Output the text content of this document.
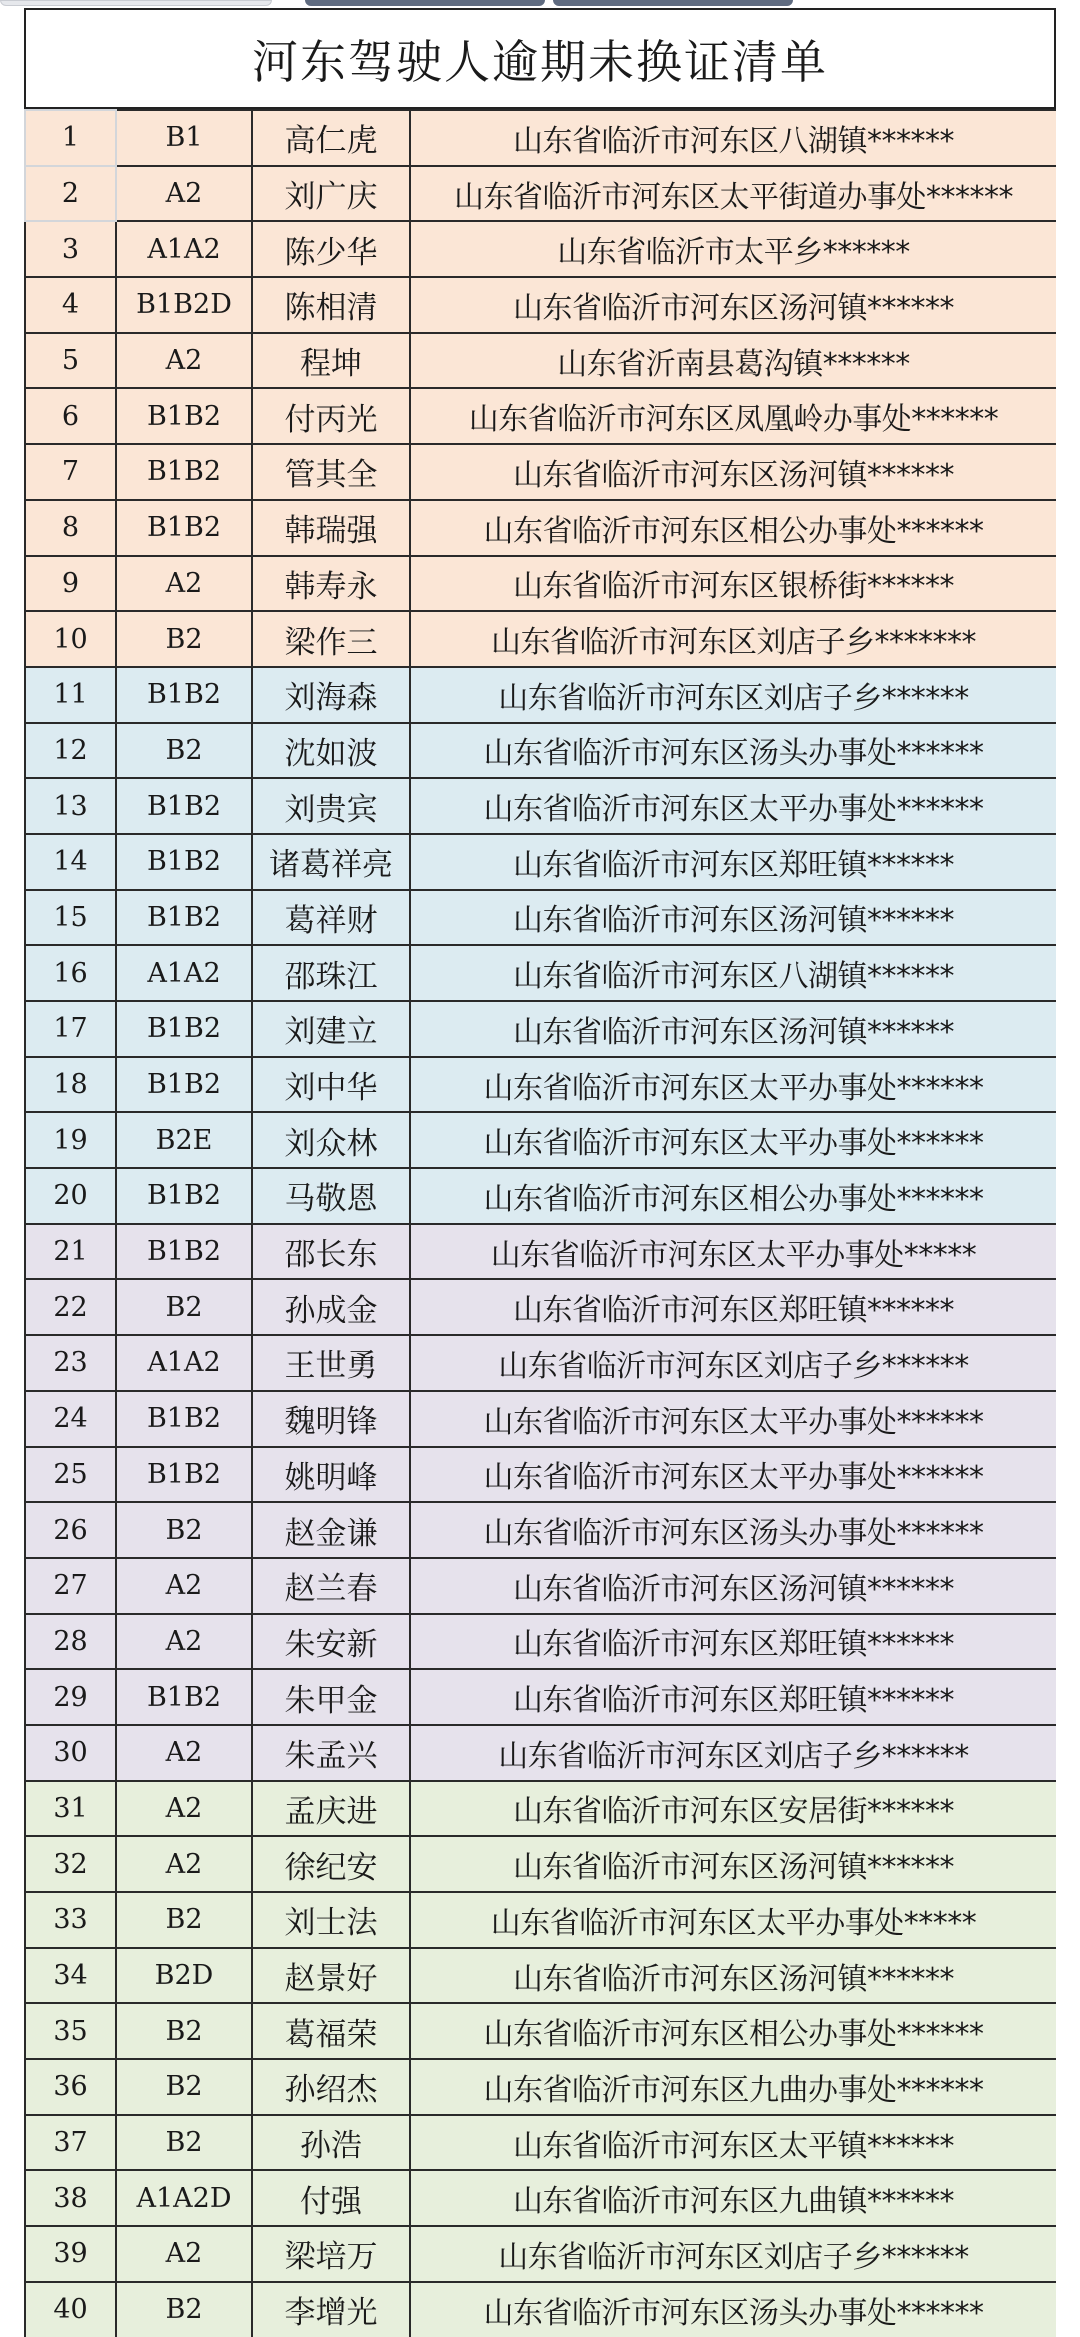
河东驾驶人逾期未换证清单
1	B1	高仁虎	山东省临沂市河东区八湖镇******
2	A2	刘广庆	山东省临沂市河东区太平街道办事处******
3	A1A2	陈少华	山东省临沂市太平乡******
4	B1B2D	陈相清	山东省临沂市河东区汤河镇******
5	A2	程坤	山东省沂南县葛沟镇******
6	B1B2	付丙光	山东省临沂市河东区凤凰岭办事处******
7	B1B2	管其全	山东省临沂市河东区汤河镇******
8	B1B2	韩瑞强	山东省临沂市河东区相公办事处******
9	A2	韩寿永	山东省临沂市河东区银桥街******
10	B2	梁作三	山东省临沂市河东区刘店子乡*******
11	B1B2	刘海森	山东省临沂市河东区刘店子乡******
12	B2	沈如波	山东省临沂市河东区汤头办事处******
13	B1B2	刘贵宾	山东省临沂市河东区太平办事处******
14	B1B2	诸葛祥亮	山东省临沂市河东区郑旺镇******
15	B1B2	葛祥财	山东省临沂市河东区汤河镇******
16	A1A2	邵珠江	山东省临沂市河东区八湖镇******
17	B1B2	刘建立	山东省临沂市河东区汤河镇******
18	B1B2	刘中华	山东省临沂市河东区太平办事处******
19	B2E	刘众林	山东省临沂市河东区太平办事处******
20	B1B2	马敬恩	山东省临沂市河东区相公办事处******
21	B1B2	邵长东	山东省临沂市河东区太平办事处*****
22	B2	孙成金	山东省临沂市河东区郑旺镇******
23	A1A2	王世勇	山东省临沂市河东区刘店子乡******
24	B1B2	魏明锋	山东省临沂市河东区太平办事处******
25	B1B2	姚明峰	山东省临沂市河东区太平办事处******
26	B2	赵金谦	山东省临沂市河东区汤头办事处******
27	A2	赵兰春	山东省临沂市河东区汤河镇******
28	A2	朱安新	山东省临沂市河东区郑旺镇******
29	B1B2	朱甲金	山东省临沂市河东区郑旺镇******
30	A2	朱孟兴	山东省临沂市河东区刘店子乡******
31	A2	孟庆进	山东省临沂市河东区安居街******
32	A2	徐纪安	山东省临沂市河东区汤河镇******
33	B2	刘士法	山东省临沂市河东区太平办事处*****
34	B2D	赵景好	山东省临沂市河东区汤河镇******
35	B2	葛福荣	山东省临沂市河东区相公办事处******
36	B2	孙绍杰	山东省临沂市河东区九曲办事处******
37	B2	孙浩	山东省临沂市河东区太平镇******
38	A1A2D	付强	山东省临沂市河东区九曲镇******
39	A2	梁培万	山东省临沂市河东区刘店子乡******
40	B2	李增光	山东省临沂市河东区汤头办事处******
